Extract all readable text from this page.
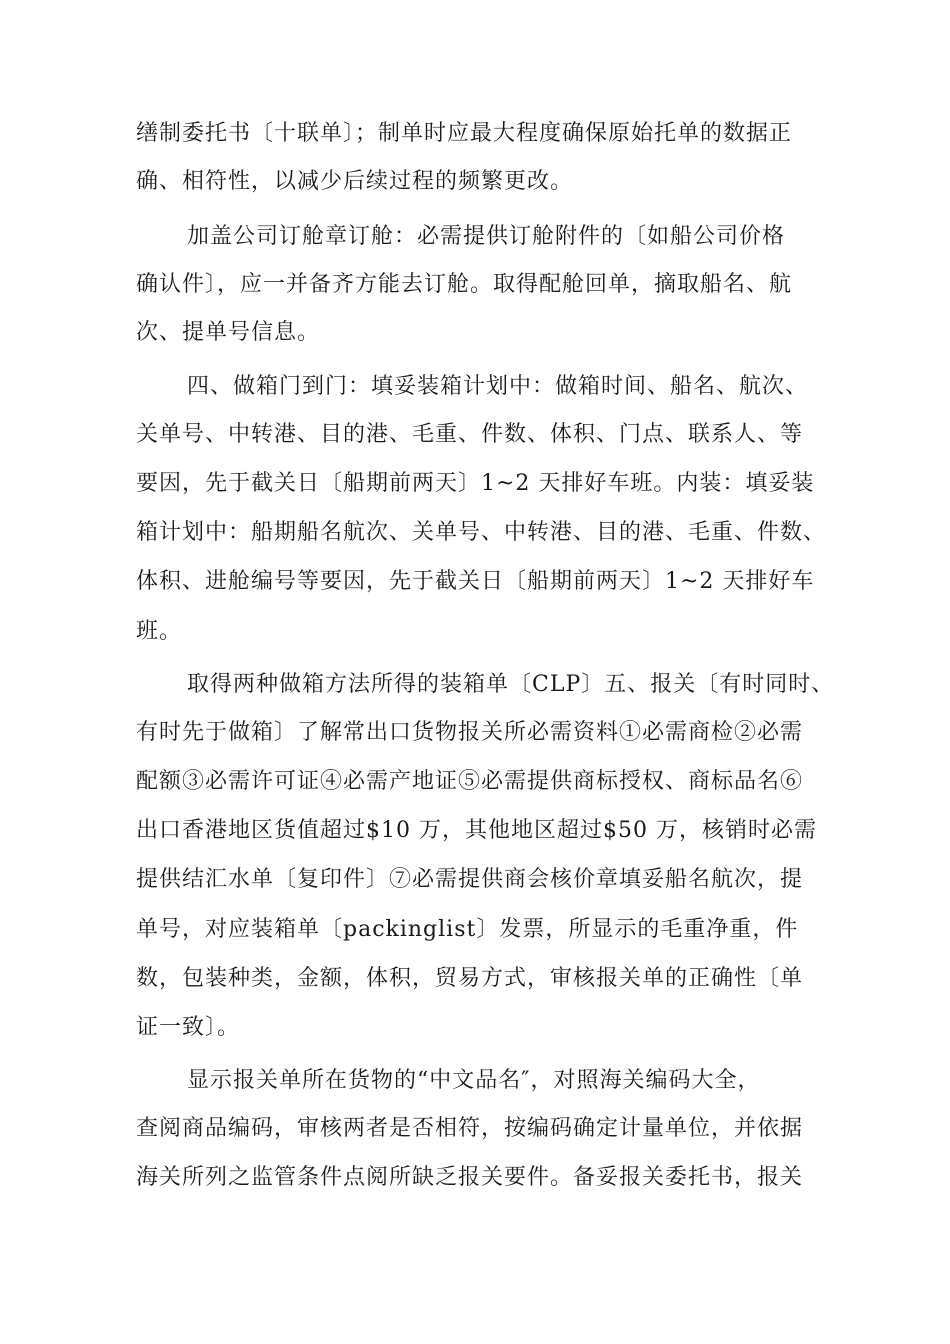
缮制委托书〔十联单〕；制单时应最大程度确保原始托单的数据正
确、相符性，以减少后续过程的频繁更改。
加盖公司订舱章订舱：必需提供订舱附件的〔如船公司价格
确认件〕，应一并备齐方能去订舱。取得配舱回单，摘取船名、航
次、提单号信息。
四、做箱门到门：填妥装箱计划中：做箱时间、船名、航次、
关单号、中转港、目的港、毛重、件数、体积、门点、联系人、等
要因，先于截关日〔船期前两天〕1~2 天排好车班。内装：填妥装
箱计划中：船期船名航次、关单号、中转港、目的港、毛重、件数、
体积、进舱编号等要因，先于截关日〔船期前两天〕1~2 天排好车
班。
取得两种做箱方法所得的装箱单〔CLP〕五、报关〔有时同时、
有时先于做箱〕了解常出口货物报关所必需资料①必需商检②必需
配额③必需许可证④必需产地证⑤必需提供商标授权、商标品名⑥
出口香港地区货值超过$10 万，其他地区超过$50 万，核销时必需
提供结汇水单〔复印件〕⑦必需提供商会核价章填妥船名航次，提
单号，对应装箱单〔packinglist〕发票，所显示的毛重净重，件
数，包装种类，金额，体积，贸易方式，审核报关单的正确性〔单
证一致〕。
显示报关单所在货物的“中文品名″，对照海关编码大全，
查阅商品编码，审核两者是否相符，按编码确定计量单位，并依据
海关所列之监管条件点阅所缺乏报关要件。备妥报关委托书，报关
